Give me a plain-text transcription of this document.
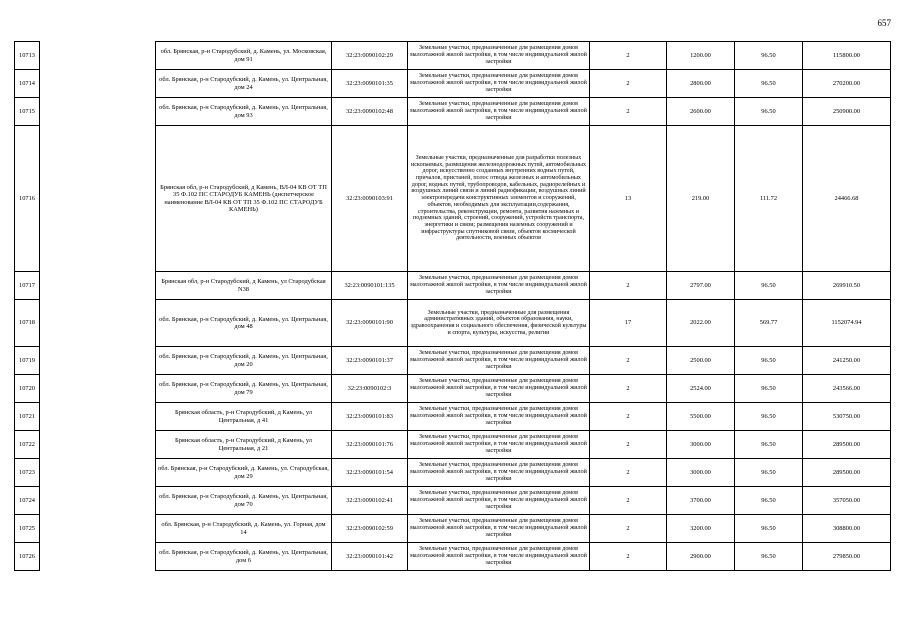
657
10713		обл. Брянская, р-н Стародубский, д. Камень, ул. Московская, дом 91	32:23:0090102:29	Земельные участки, предназначенные для размещения домов малоэтажной жилой застройки, в том числе индивидуальной жилой застройки	2	1200.00	96.50	115800.00
10714		обл. Брянская, р-н Стародубский, д. Камень, ул. Центральная, дом 24	32:23:0090101:35	Земельные участки, предназначенные для размещения домов малоэтажной жилой застройки, в том числе индивидуальной жилой застройки	2	2800.00	96.50	270200.00
10715		обл. Брянская, р-н Стародубский, д. Камень, ул. Центральная, дом 93	32:23:0090102:48	Земельные участки, предназначенные для размещения домов малоэтажной жилой застройки, в том числе индивидуальной жилой застройки	2	2600.00	96.50	250900.00
10716		Брянская обл, р-н Стародубский, д Камень, ВЛ-04 КВ ОТ ТП 35 Ф.102 ПС СТАРОДУБ КАМЕНЬ (диспетчерское наименование ВЛ-04 КВ ОТ ТП 35 Ф.102 ПС СТАРОДУБ КАМЕНЬ)	32:23:0090103:91	Земельные участки, предназначенные для разработки полезных ископаемых, размещения железнодорожных путей, автомобильных дорог, искусственно созданных внутренних водных путей, причалов, пристаней, полос отвода железных и автомобильных дорог, водных путей, трубопроводов, кабельных, радиорелейных и воздушных линий связи и линий радиофикации, воздушных линий электропередачи конструктивных элементов и сооружений, объектов, необходимых для эксплуатации,содержания, строительства, реконструкции, ремонта, развития наземных и подземных зданий, строений, сооружений, устройств транспорта, энергетики и связи; размещения наземных сооружений и инфраструктуры спутниковой связи, объектов космической деятельности, военных объектов	13	219.00	111.72	24466.68
10717		Брянская обл, р-н Стародубский, д Камень, ул Стародубская N38	32:23:0090101:135	Земельные участки, предназначенные для размещения домов малоэтажной жилой застройки, в том числе индивидуальной жилой застройки	2	2797.00	96.50	269910.50
10718		обл. Брянская, р-н Стародубский, д. Камень, ул. Центральная, дом 48	32:23:0090101:90	Земельные участки, предназначенные для размещения административных зданий, объектов образования, науки, здравоохранения и социального обеспечения, физической культуры и спорта, культуры, искусства, религии	17	2022.00	569.77	1152074.94
10719		обл. Брянская, р-н Стародубский, д. Камень, ул. Центральная, дом 20	32:23:0090101:37	Земельные участки, предназначенные для размещения домов малоэтажной жилой застройки, в том числе индивидуальной жилой застройки	2	2500.00	96.50	241250.00
10720		обл. Брянская, р-н Стародубский, д. Камень, ул. Центральная, дом 79	32:23:0090102:3	Земельные участки, предназначенные для размещения домов малоэтажной жилой застройки, в том числе индивидуальной жилой застройки	2	2524.00	96.50	243566.00
10721		Брянская область, р-н Стародубский, д Камень, ул Центральная, д 41	32:23:0090101:83	Земельные участки, предназначенные для размещения домов малоэтажной жилой застройки, в том числе индивидуальной жилой застройки	2	5500.00	96.50	530750.00
10722		Брянская область, р-н Стародубский, д Камень, ул Центральная, д 21	32:23:0090101:76	Земельные участки, предназначенные для размещения домов малоэтажной жилой застройки, в том числе индивидуальной жилой застройки	2	3000.00	96.50	289500.00
10723		обл. Брянская, р-н Стародубский, д. Камень, ул. Стародубская, дом 29	32:23:0090101:54	Земельные участки, предназначенные для размещения домов малоэтажной жилой застройки, в том числе индивидуальной жилой застройки	2	3000.00	96.50	289500.00
10724		обл. Брянская, р-н Стародубский, д. Камень, ул. Центральная, дом 70	32:23:0090102:41	Земельные участки, предназначенные для размещения домов малоэтажной жилой застройки, в том числе индивидуальной жилой застройки	2	3700.00	96.50	357050.00
10725		обл. Брянская, р-н Стародубский, д. Камень, ул. Горная, дом 14	32:23:0090102:59	Земельные участки, предназначенные для размещения домов малоэтажной жилой застройки, в том числе индивидуальной жилой застройки	2	3200.00	96.50	308800.00
10726		обл. Брянская, р-н Стародубский, д. Камень, ул. Центральная, дом 6	32:23:0090101:42	Земельные участки, предназначенные для размещения домов малоэтажной жилой застройки, в том числе индивидуальной жилой застройки	2	2900.00	96.50	279850.00
